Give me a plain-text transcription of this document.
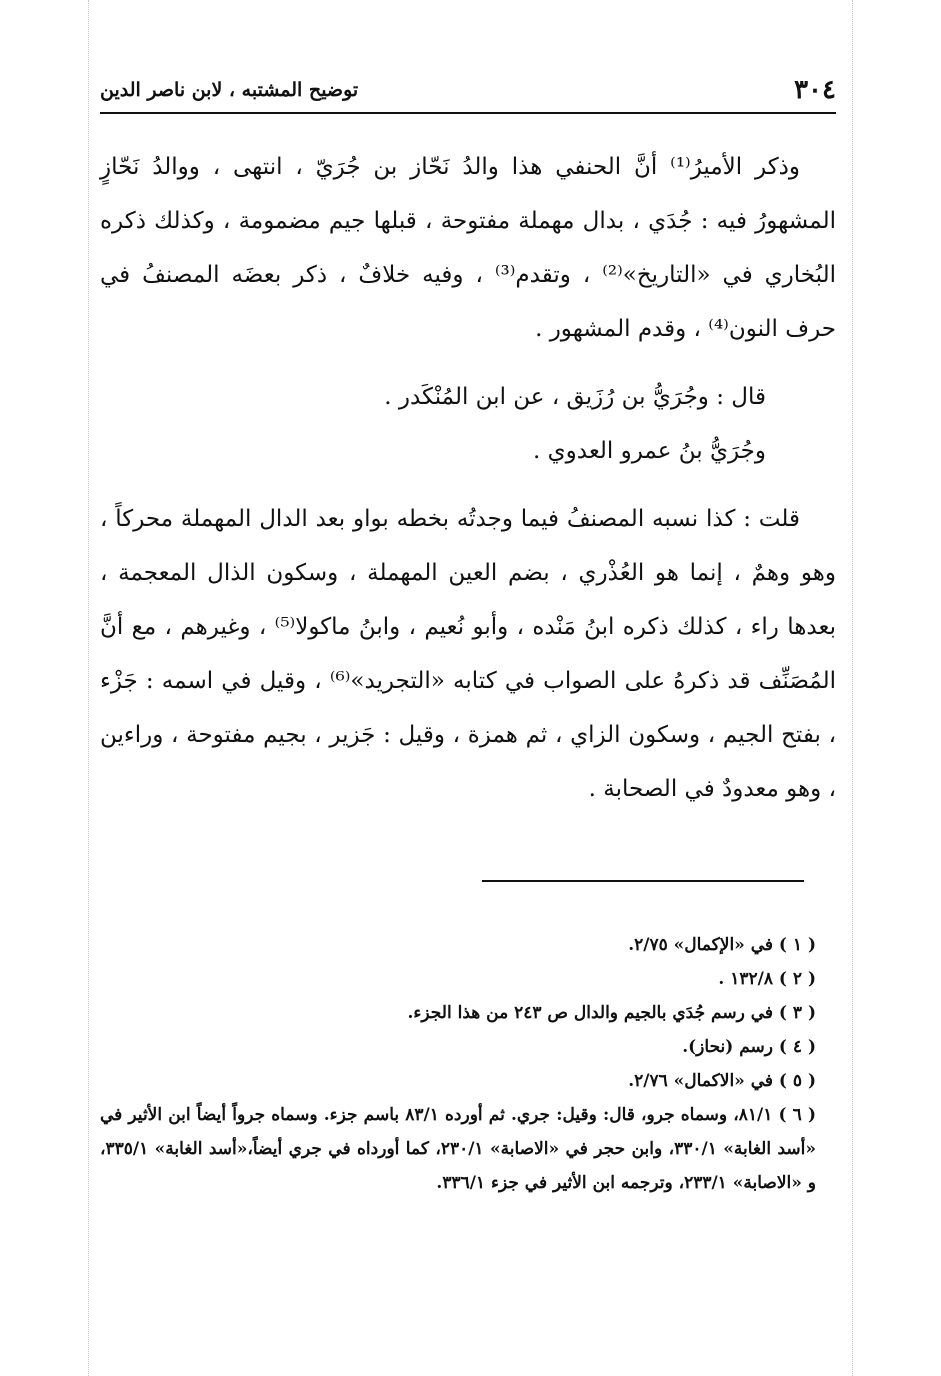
٣٠٤
توضيح المشتبه ، لابن ناصر الدين

وذكر الأميرُ⁽¹⁾ أنَّ الحنفي هذا والدُ نَحّاز بن جُرَيّ ، انتهى ، ووالدُ نَحّازٍ المشهورُ فيه : جُدَي ، بدال مهملة مفتوحة ، قبلها جيم مضمومة ، وكذلك ذكره البُخاري في «التاريخ»⁽²⁾ ، وتقدم⁽³⁾ ، وفيه خلافٌ ، ذكر بعضَه المصنفُ في حرف النون⁽⁴⁾ ، وقدم المشهور .

قال : وجُرَيُّ بن رُزَيق ، عن ابن المُنْكَدر .

وجُرَيُّ بنُ عمرو العدوي .

قلت : كذا نسبه المصنفُ فيما وجدتُه بخطه بواو بعد الدال المهملة محركاً ، وهو وهمٌ ، إنما هو العُذْري ، بضم العين المهملة ، وسكون الذال المعجمة ، بعدها راء ، كذلك ذكره ابنُ مَنْده ، وأبو نُعيم ، وابنُ ماكولا⁽⁵⁾ ، وغيرهم ، مع أنَّ المُصَنِّف قد ذكرهُ على الصواب في كتابه «التجريد»⁽⁶⁾ ، وقيل في اسمه : جَزْء ، بفتح الجيم ، وسكون الزاي ، ثم همزة ، وقيل : جَزير ، بجيم مفتوحة ، وراءين ، وهو معدودٌ في الصحابة .

( ١ ) في «الإكمال» ٢/٧٥.

( ٢ ) ١٣٢/٨ .

( ٣ ) في رسم جُدَي بالجيم والدال ص ٢٤٣ من هذا الجزء.

( ٤ ) رسم (نحاز).

( ٥ ) في «الاكمال» ٢/٧٦.

( ٦ ) ٨١/١، وسماه جرو، قال: وقيل: جري. ثم أورده ٨٣/١ باسم جزء. وسماه جرواً أيضاً ابن الأثير في «أسد الغابة» ٣٣٠/١، وابن حجر في «الاصابة» ٢٣٠/١، كما أورداه في جري أيضاً،«أسد الغابة» ٣٣٥/١، و «الاصابة» ٢٣٣/١، وترجمه ابن الأثير في جزء ٣٣٦/١.
